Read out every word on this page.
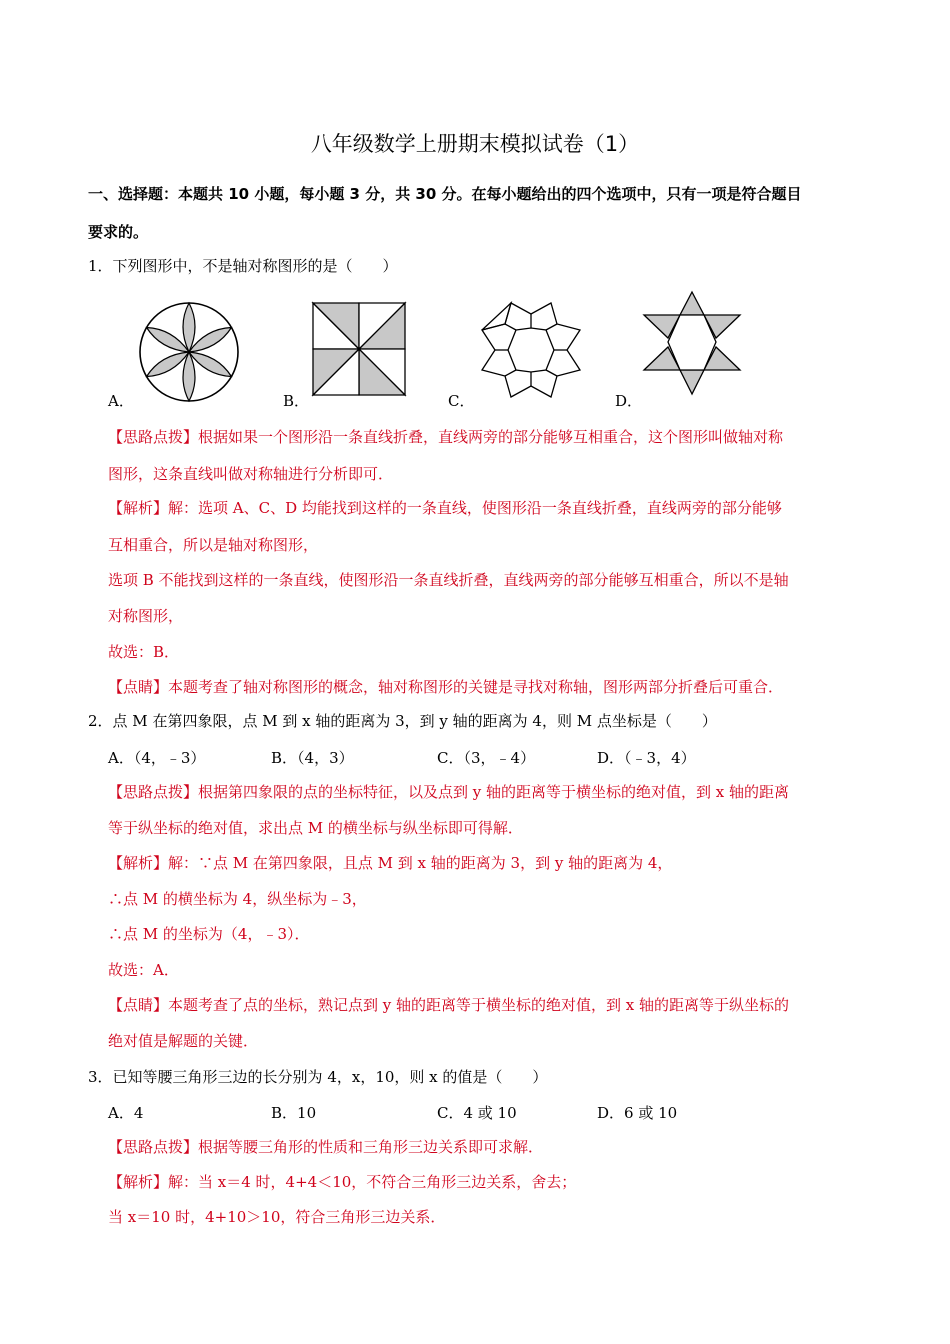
八年级数学上册期末模拟试卷（1）
一、选择题：本题共 10 小题，每小题 3 分，共 30 分。在每小题给出的四个选项中，只有一项是符合题目
要求的。
1．下列图形中，不是轴对称图形的是（　　）
A．	B．	C．	D．
【思路点拨】根据如果一个图形沿一条直线折叠，直线两旁的部分能够互相重合，这个图形叫做轴对称
图形，这条直线叫做对称轴进行分析即可．
【解析】解：选项 A、C、D 均能找到这样的一条直线，使图形沿一条直线折叠，直线两旁的部分能够
互相重合，所以是轴对称图形，
选项 B 不能找到这样的一条直线，使图形沿一条直线折叠，直线两旁的部分能够互相重合，所以不是轴
对称图形，
故选：B．
【点睛】本题考查了轴对称图形的概念，轴对称图形的关键是寻找对称轴，图形两部分折叠后可重合．
2．点 M 在第四象限，点 M 到 x 轴的距离为 3，到 y 轴的距离为 4，则 M 点坐标是（　　）
A．（4，﹣3）	B．（4，3）	C．（3，﹣4）	D．（﹣3，4）
【思路点拨】根据第四象限的点的坐标特征，以及点到 y 轴的距离等于横坐标的绝对值，到 x 轴的距离
等于纵坐标的绝对值，求出点 M 的横坐标与纵坐标即可得解．
【解析】解：∵点 M 在第四象限，且点 M 到 x 轴的距离为 3，到 y 轴的距离为 4，
∴点 M 的横坐标为 4，纵坐标为﹣3，
∴点 M 的坐标为（4，﹣3）．
故选：A．
【点睛】本题考查了点的坐标，熟记点到 y 轴的距离等于横坐标的绝对值，到 x 轴的距离等于纵坐标的
绝对值是解题的关键．
3．已知等腰三角形三边的长分别为 4，x，10，则 x 的值是（　　）
A．4	B．10	C．4 或 10	D．6 或 10
【思路点拨】根据等腰三角形的性质和三角形三边关系即可求解．
【解析】解：当 x＝4 时，4+4＜10，不符合三角形三边关系，舍去；
当 x＝10 时，4+10＞10，符合三角形三边关系．
